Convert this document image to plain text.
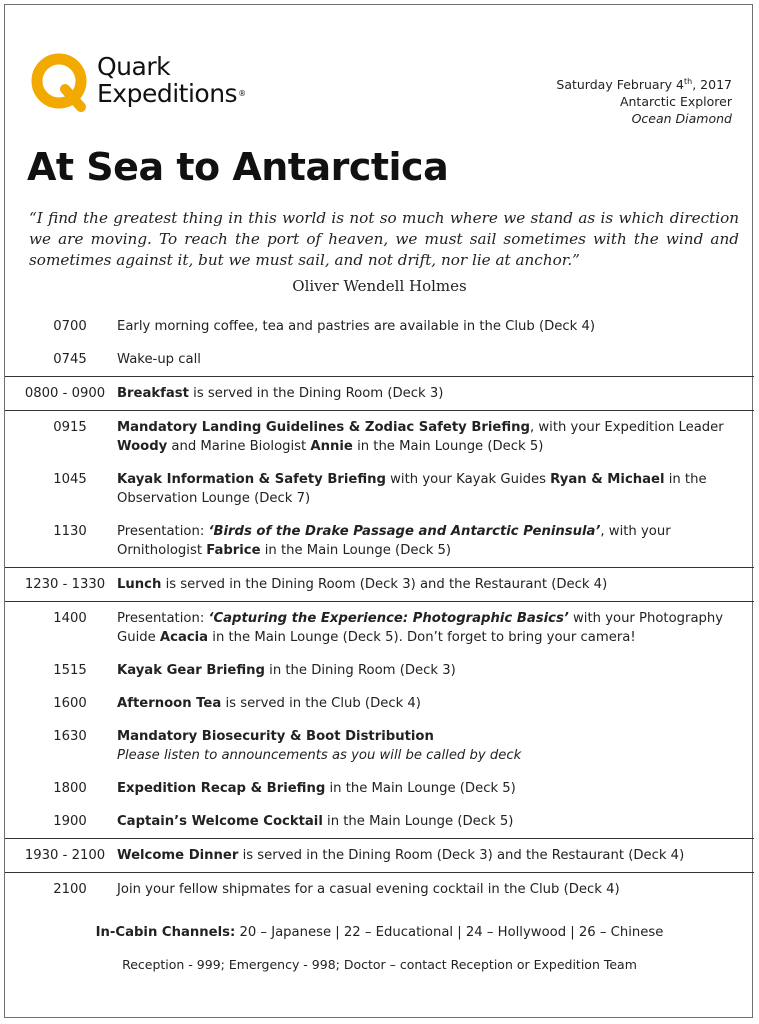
Quark
Expeditions®
Saturday February 4th, 2017
Antarctic Explorer
Ocean Diamond
At Sea to Antarctica

“I find the greatest thing in this world is not so much where we stand as is which direction we are moving. To reach the port of heaven, we must sail sometimes with the wind and sometimes against it, but we must sail, and not drift, nor lie at anchor.”

Oliver Wendell Holmes
0700	Early morning coffee, tea and pastries are available in the Club (Deck 4)
0745	Wake-up call
0800 - 0900 Breakfast is served in the Dining Room (Deck 3)
0915	Mandatory Landing Guidelines & Zodiac Safety Briefing, with your Expedition Leader Woody and Marine Biologist Annie in the Main Lounge (Deck 5)
1045	Kayak Information & Safety Briefing with your Kayak Guides Ryan & Michael in the Observation Lounge (Deck 7)
1130	Presentation: ‘Birds of the Drake Passage and Antarctic Peninsula’, with your Ornithologist Fabrice in the Main Lounge (Deck 5)
1230 - 1330 Lunch is served in the Dining Room (Deck 3) and the Restaurant (Deck 4)
1400	Presentation: ‘Capturing the Experience: Photographic Basics’ with your Photography Guide Acacia in the Main Lounge (Deck 5). Don’t forget to bring your camera!
1515	Kayak Gear Briefing in the Dining Room (Deck 3)
1600	Afternoon Tea is served in the Club (Deck 4)
1630	Mandatory Biosecurity & Boot Distribution
Please listen to announcements as you will be called by deck
1800	Expedition Recap & Briefing in the Main Lounge (Deck 5)
1900	Captain’s Welcome Cocktail in the Main Lounge (Deck 5)
1930 - 2100 Welcome Dinner is served in the Dining Room (Deck 3) and the Restaurant (Deck 4)
2100	Join your fellow shipmates for a casual evening cocktail in the Club (Deck 4)
In-Cabin Channels: 20 – Japanese | 22 – Educational | 24 – Hollywood | 26 – Chinese
Reception - 999; Emergency - 998; Doctor – contact Reception or Expedition Team
